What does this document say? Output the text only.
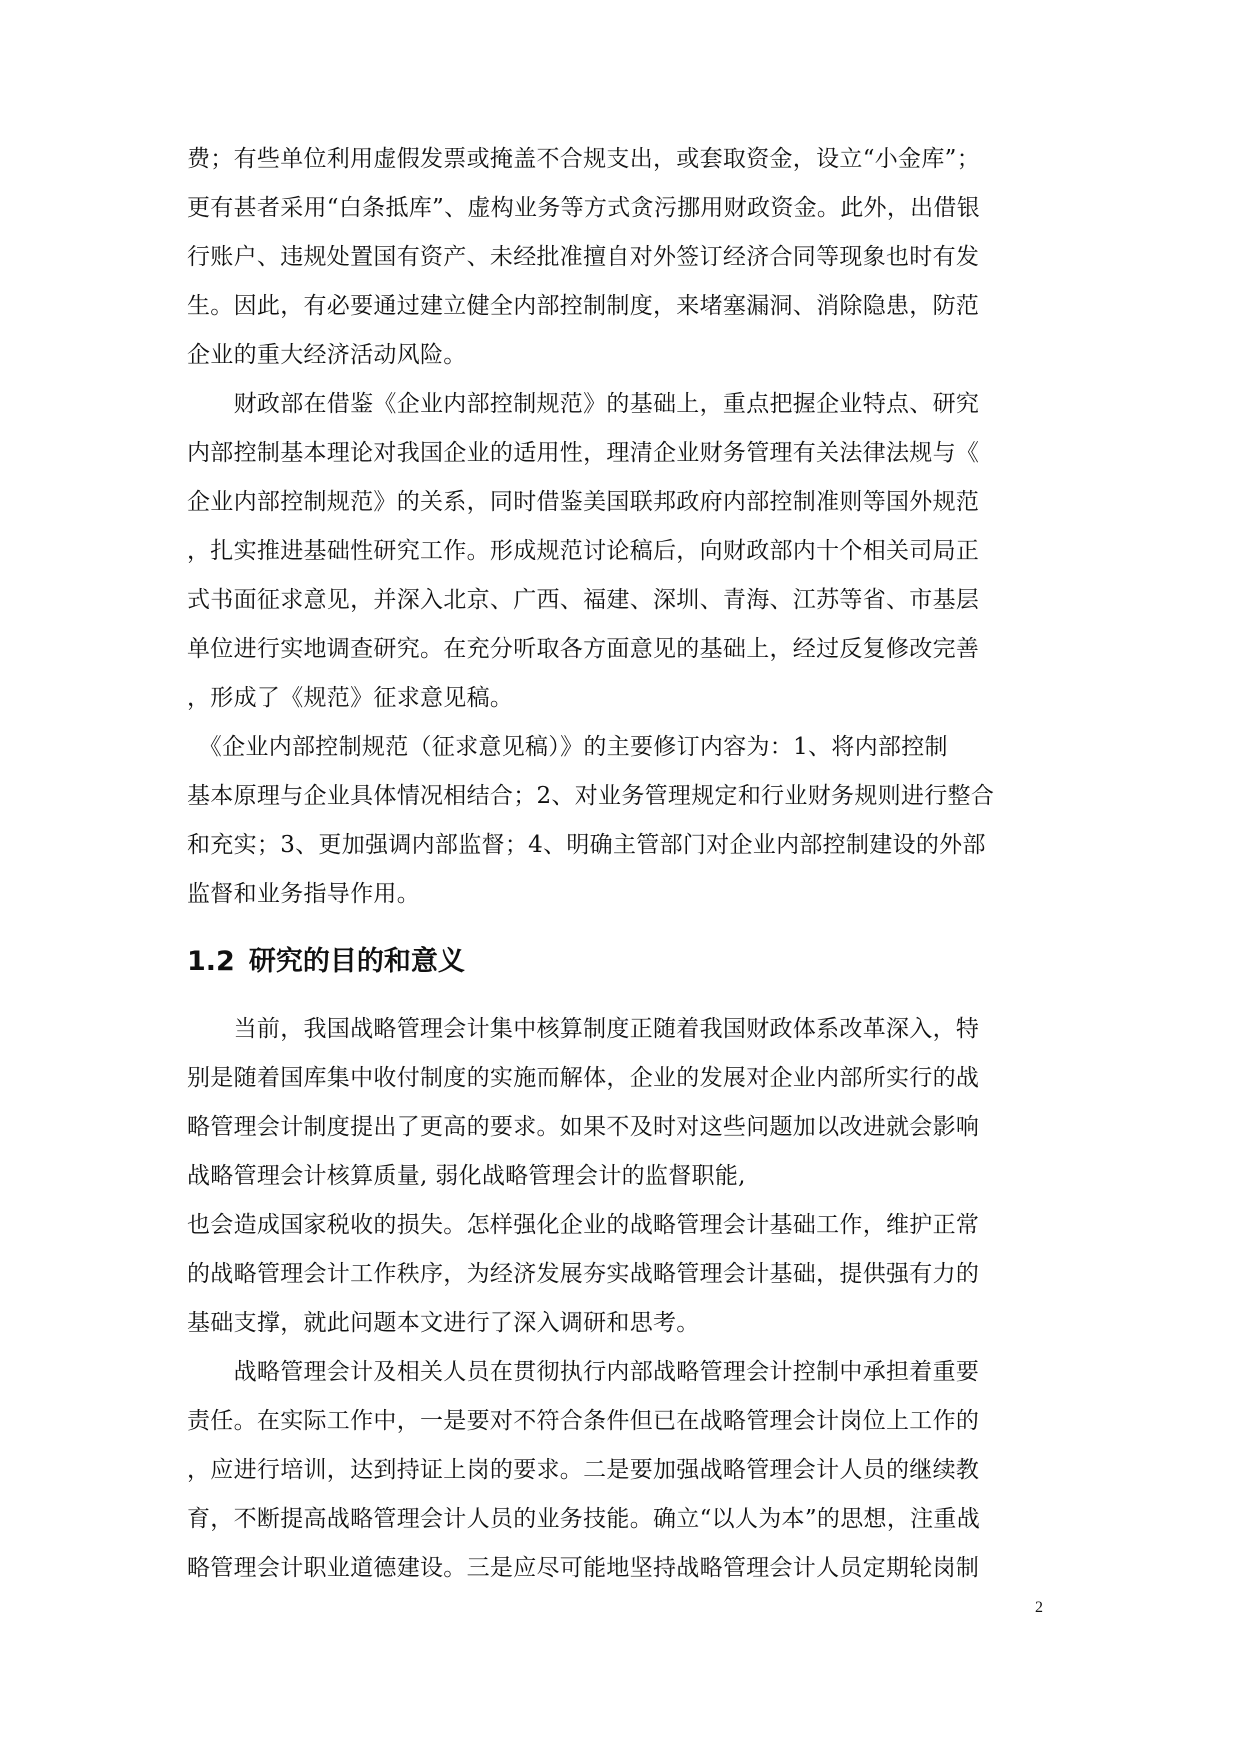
费；有些单位利用虚假发票或掩盖不合规支出，或套取资金，设立“小金库”；
更有甚者采用“白条抵库”、虚构业务等方式贪污挪用财政资金。此外，出借银
行账户、违规处置国有资产、未经批准擅自对外签订经济合同等现象也时有发
生。因此，有必要通过建立健全内部控制制度，来堵塞漏洞、消除隐患，防范
企业的重大经济活动风险。
　　财政部在借鉴《企业内部控制规范》的基础上，重点把握企业特点、研究
内部控制基本理论对我国企业的适用性，理清企业财务管理有关法律法规与《
企业内部控制规范》的关系，同时借鉴美国联邦政府内部控制准则等国外规范
，扎实推进基础性研究工作。形成规范讨论稿后，向财政部内十个相关司局正
式书面征求意见，并深入北京、广西、福建、深圳、青海、江苏等省、市基层
单位进行实地调查研究。在充分听取各方面意见的基础上，经过反复修改完善
，形成了《规范》征求意见稿。
　《企业内部控制规范（征求意见稿）》的主要修订内容为：1、将内部控制
基本原理与企业具体情况相结合；2、对业务管理规定和行业财务规则进行整合
和充实；3、更加强调内部监督；4、明确主管部门对企业内部控制建设的外部
监督和业务指导作用。
1.2 研究的目的和意义
　　当前，我国战略管理会计集中核算制度正随着我国财政体系改革深入，特
别是随着国库集中收付制度的实施而解体，企业的发展对企业内部所实行的战
略管理会计制度提出了更高的要求。如果不及时对这些问题加以改进就会影响
战略管理会计核算质量, 弱化战略管理会计的监督职能,
也会造成国家税收的损失。怎样强化企业的战略管理会计基础工作，维护正常
的战略管理会计工作秩序，为经济发展夯实战略管理会计基础，提供强有力的
基础支撑，就此问题本文进行了深入调研和思考。
　　战略管理会计及相关人员在贯彻执行内部战略管理会计控制中承担着重要
责任。在实际工作中，一是要对不符合条件但已在战略管理会计岗位上工作的
，应进行培训，达到持证上岗的要求。二是要加强战略管理会计人员的继续教
育，不断提高战略管理会计人员的业务技能。确立“以人为本”的思想，注重战
略管理会计职业道德建设。三是应尽可能地坚持战略管理会计人员定期轮岗制
2
